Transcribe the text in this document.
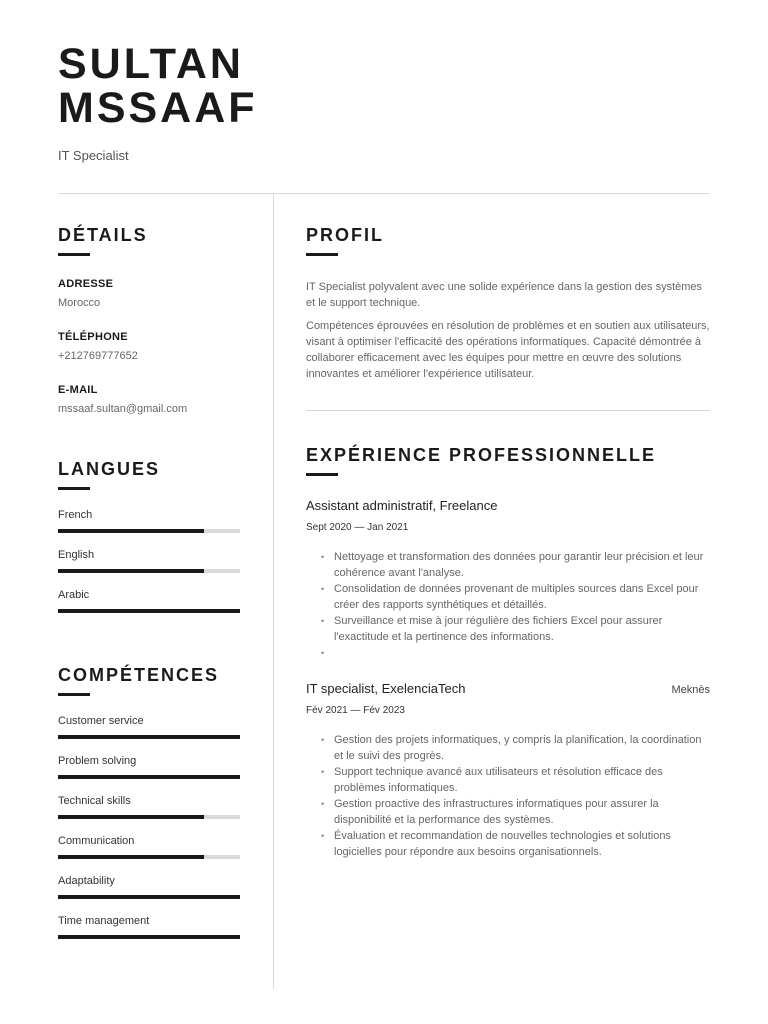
SULTAN
MSSAAF
IT Specialist
DÉTAILS
ADRESSE
Morocco
TÉLÉPHONE
+212769777652
E-MAIL
mssaaf.sultan@gmail.com
LANGUES
French
English
Arabic
COMPÉTENCES
Customer service
Problem solving
Technical skills
Communication
Adaptability
Time management
PROFIL

IT Specialist polyvalent avec une solide expérience dans la gestion des systèmes et le support technique.

Compétences éprouvées en résolution de problèmes et en soutien aux utilisateurs, visant à optimiser l'efficacité des opérations informatiques. Capacité démontrée à collaborer efficacement avec les équipes pour mettre en œuvre des solutions innovantes et améliorer l'expérience utilisateur.

EXPÉRIENCE PROFESSIONNELLE
Assistant administratif, Freelance
Sept 2020 — Jan 2021
• Nettoyage et transformation des données pour garantir leur précision et leur cohérence avant l'analyse.
• Consolidation de données provenant de multiples sources dans Excel pour créer des rapports synthétiques et détaillés.
• Surveillance et mise à jour régulière des fichiers Excel pour assurer l'exactitude et la pertinence des informations.
•
IT specialist, ExelenciaTech	Meknès
Fév 2021 — Fév 2023
• Gestion des projets informatiques, y compris la planification, la coordination et le suivi des progrès.
• Support technique avancé aux utilisateurs et résolution efficace des problèmes informatiques.
• Gestion proactive des infrastructures informatiques pour assurer la disponibilité et la performance des systèmes.
• Évaluation et recommandation de nouvelles technologies et solutions logicielles pour répondre aux besoins organisationnels.
